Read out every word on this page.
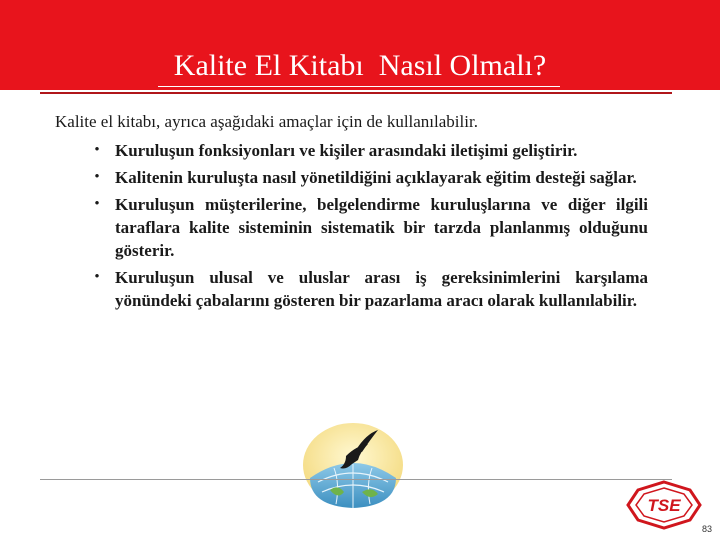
Kalite El Kitabı  Nasıl Olmalı?
Kalite el kitabı, ayrıca aşağıdaki amaçlar için de kullanılabilir.
• Kuruluşun fonksiyonları ve kişiler arasındaki iletişimi geliştirir.
• Kalitenin kuruluşta nasıl yönetildiğini açıklayarak eğitim desteği sağlar.
• Kuruluşun müşterilerine, belgelendirme kuruluşlarına ve diğer ilgili taraflara kalite sisteminin sistematik bir tarzda planlanmış olduğunu gösterir.
• Kuruluşun ulusal ve uluslar arası iş gereksinimlerini karşılama yönündeki çabalarını gösteren bir pazarlama aracı olarak kullanılabilir.
TSE
83
